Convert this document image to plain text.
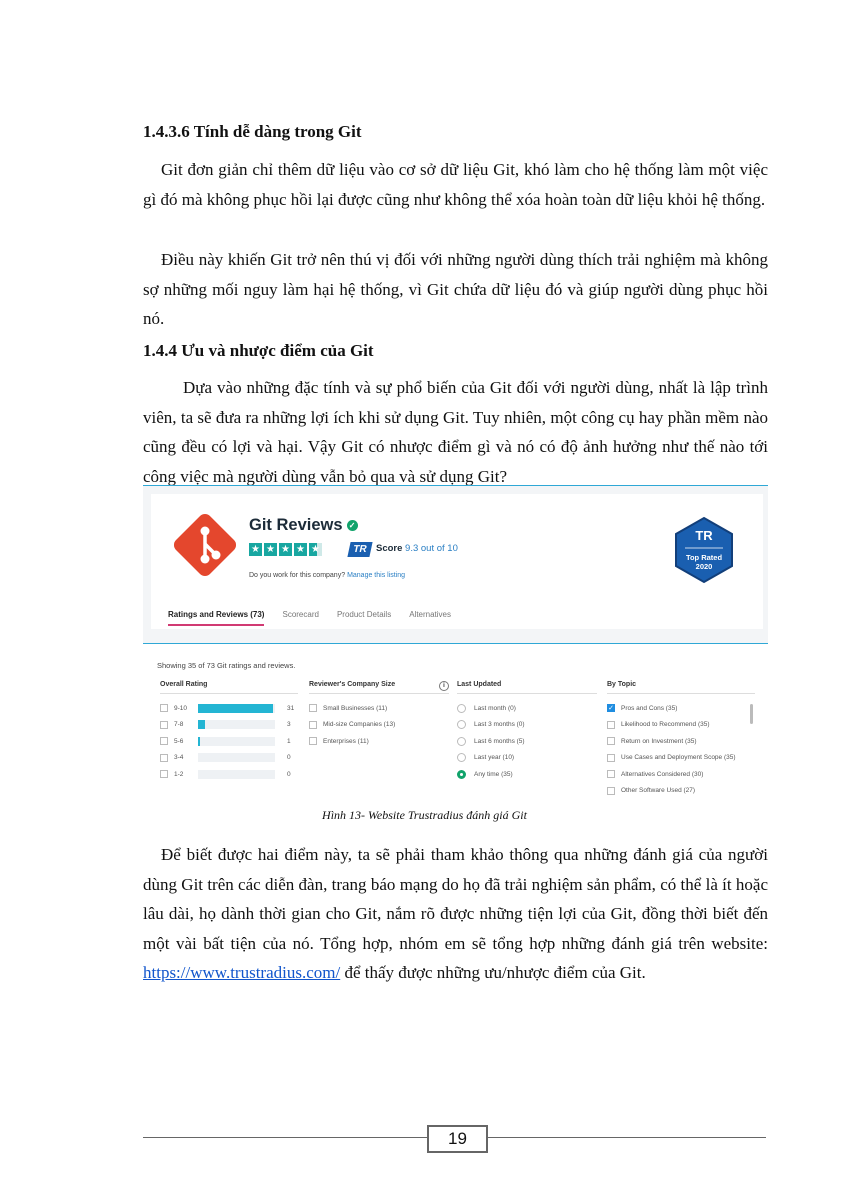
1.4.3.6 Tính dễ dàng trong Git

Git đơn giản chỉ thêm dữ liệu vào cơ sở dữ liệu Git, khó làm cho hệ thống làm một việc gì đó mà không phục hồi lại được cũng như không thể xóa hoàn toàn dữ liệu khỏi hệ thống.

Điều này khiến Git trở nên thú vị đối với những người dùng thích trải nghiệm mà không sợ những mối nguy làm hại hệ thống, vì Git chứa dữ liệu đó và giúp người dùng phục hồi nó.

1.4.4 Ưu và nhược điểm của Git

Dựa vào những đặc tính và sự phổ biến của Git đối với người dùng, nhất là lập trình viên, ta sẽ đưa ra những lợi ích khi sử dụng Git. Tuy nhiên, một công cụ hay phần mềm nào cũng đều có lợi và hại. Vậy Git có nhược điểm gì và nó có độ ảnh hưởng như thế nào tới công việc mà người dùng vẫn bỏ qua và sử dụng Git?

Git Reviews ✓
★ ★ ★ ★ ★	TR Score 9.3 out of 10
Do you work for this company? Manage this listing
TR
Top Rated
2020
Ratings and Reviews (73) Scorecard Product Details Alternatives
Showing 35 of 73 Git ratings and reviews.
Overall Rating
9-10	31
7-8	3
5-6	1
3-4	0
1-2	0
Reviewer's Company Size	i
Small Businesses (11)
Mid-size Companies (13)
Enterprises (11)
Last Updated
Last month (0)
Last 3 months (0)
Last 6 months (5)
Last year (10)
Any time (35)
By Topic
✓ Pros and Cons (35)
Likelihood to Recommend (35)
Return on Investment (35)
Use Cases and Deployment Scope (35)
Alternatives Considered (30)
Other Software Used (27)
Hình 13- Website Trustradius đánh giá Git

Để biết được hai điểm này, ta sẽ phải tham khảo thông qua những đánh giá của người dùng Git trên các diễn đàn, trang báo mạng do họ đã trải nghiệm sản phẩm, có thể là ít hoặc lâu dài, họ dành thời gian cho Git, nắm rõ được những tiện lợi của Git, đồng thời biết đến một vài bất tiện của nó. Tổng hợp, nhóm em sẽ tổng hợp những đánh giá trên website: https://www.trustradius.com/ để thấy được những ưu/nhược điểm của Git.

19
